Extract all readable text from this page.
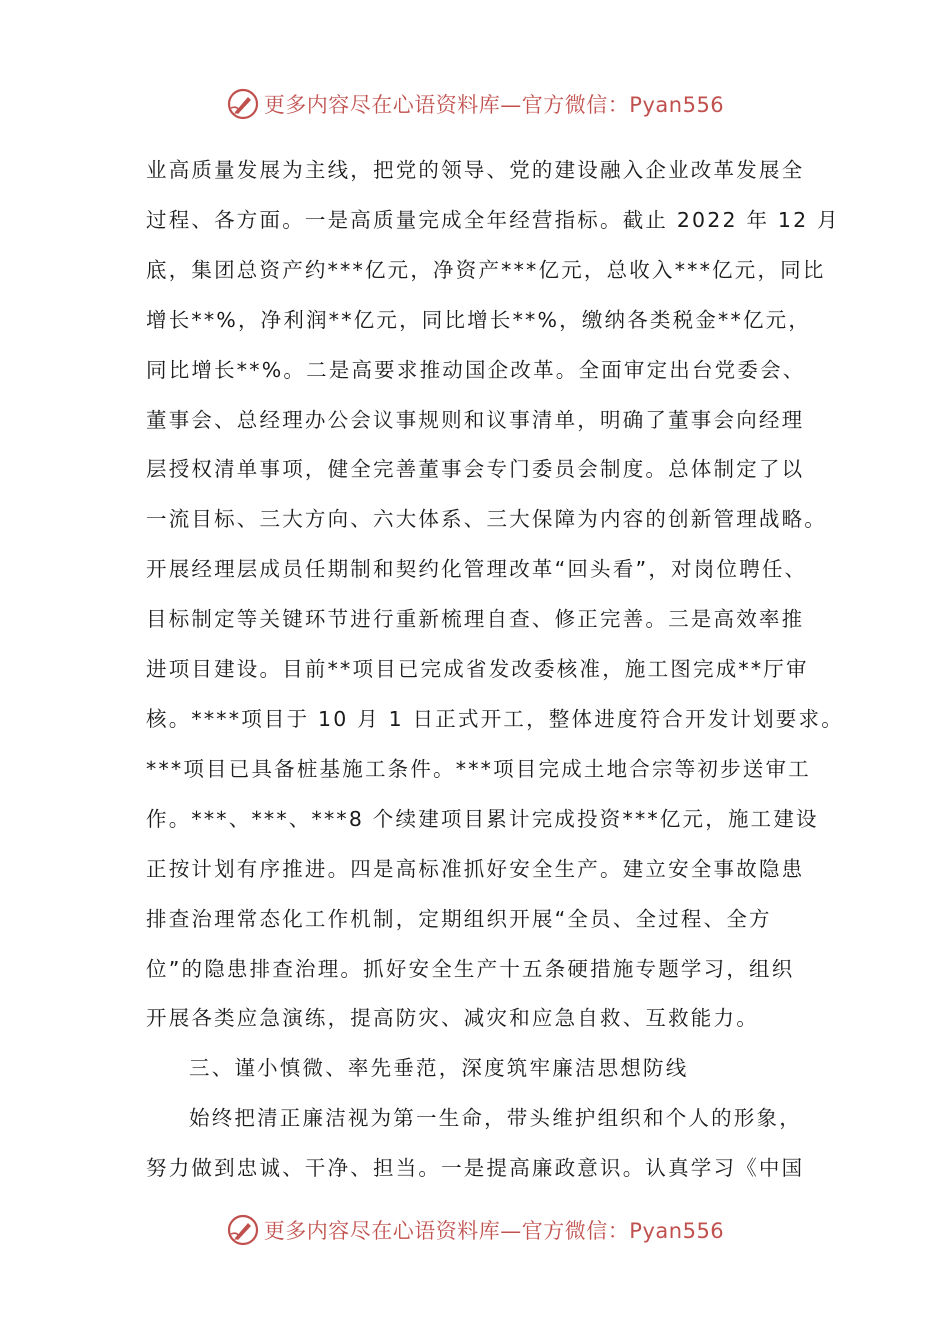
更多内容尽在心语资料库—官方微信：Pyan556

业高质量发展为主线，把党的领导、党的建设融入企业改革发展全
过程、各方面。一是高质量完成全年经营指标。截止 2022 年 12 月
底，集团总资产约***亿元，净资产***亿元，总收入***亿元，同比
增长**%，净利润**亿元，同比增长**%，缴纳各类税金**亿元，
同比增长**%。二是高要求推动国企改革。全面审定出台党委会、
董事会、总经理办公会议事规则和议事清单，明确了董事会向经理
层授权清单事项，健全完善董事会专门委员会制度。总体制定了以
一流目标、三大方向、六大体系、三大保障为内容的创新管理战略。
开展经理层成员任期制和契约化管理改革“回头看”，对岗位聘任、
目标制定等关键环节进行重新梳理自查、修正完善。三是高效率推
进项目建设。目前**项目已完成省发改委核准，施工图完成**厅审
核。****项目于 10 月 1 日正式开工，整体进度符合开发计划要求。
***项目已具备桩基施工条件。***项目完成土地合宗等初步送审工
作。***、***、***8 个续建项目累计完成投资***亿元，施工建设
正按计划有序推进。四是高标准抓好安全生产。建立安全事故隐患
排查治理常态化工作机制，定期组织开展“全员、全过程、全方
位”的隐患排查治理。抓好安全生产十五条硬措施专题学习，组织
开展各类应急演练，提高防灾、减灾和应急自救、互救能力。

三、谨小慎微、率先垂范，深度筑牢廉洁思想防线

始终把清正廉洁视为第一生命，带头维护组织和个人的形象，
努力做到忠诚、干净、担当。一是提高廉政意识。认真学习《中国

更多内容尽在心语资料库—官方微信：Pyan556
